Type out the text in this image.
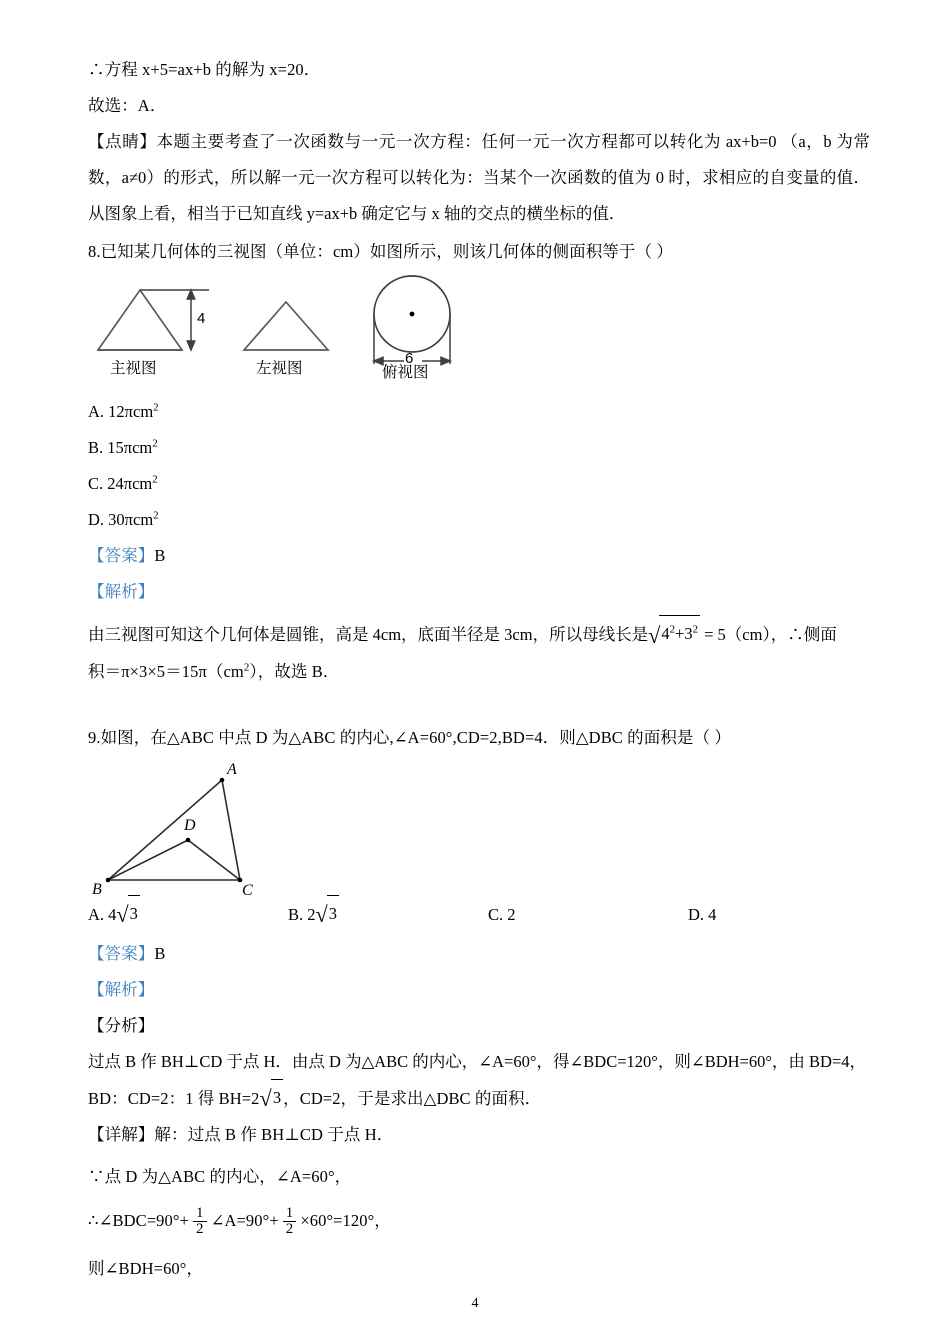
∴方程 x+5=ax+b 的解为 x=20．
故选：A．
【点睛】本题主要考查了一次函数与一元一次方程：任何一元一次方程都可以转化为 ax+b=0 （a，b 为常数，a≠0）的形式，所以解一元一次方程可以转化为：当某个一次函数的值为 0 时，求相应的自变量的值．从图象上看，相当于已知直线 y=ax+b 确定它与 x 轴的交点的横坐标的值．
8.已知某几何体的三视图（单位：cm）如图所示，则该几何体的侧面积等于（ ）
4
6
主视图	左视图	俯视图
A. 12πcm$^2$
B. 15πcm$^2$
C. 24πcm$^2$
D. 30πcm$^2$
【答案】B
【解析】
由三视图可知这个几何体是圆锥，高是 4cm，底面半径是 3cm，所以母线长是$√4^2+3^2 = 5(cm)$，∴侧面
积$=\pi\times 3\times 5=15\pi(cm^2)$，故选 B．
9.如图，在△ABC 中点 D 为△ABC 的内心,∠A=60°,CD=2,BD=4．则△DBC 的面积是（ ）
A
B	C
D
A. 4√3	B. 2√3	C. 2	D. 4
【答案】B
【解析】
【分析】
过点 B 作 BH⊥CD 于点 H．由点 D 为△ABC 的内心，∠A=60°，得∠BDC=120°，则∠BDH=60°，由 BD=4，
BD：CD=2：1 得 BH=2√3 ，CD=2，于是求出△DBC 的面积．
【详解】解：过点 B 作 BH⊥CD 于点 H．
∵点 D 为△ABC 的内心，∠A=60°，
∴∠BDC=90°+ $\frac{1}{2}$ ∠A=90°+ $\frac{1}{2} \times 60^\circ=120^\circ$，
则∠BDH=60°，
4
